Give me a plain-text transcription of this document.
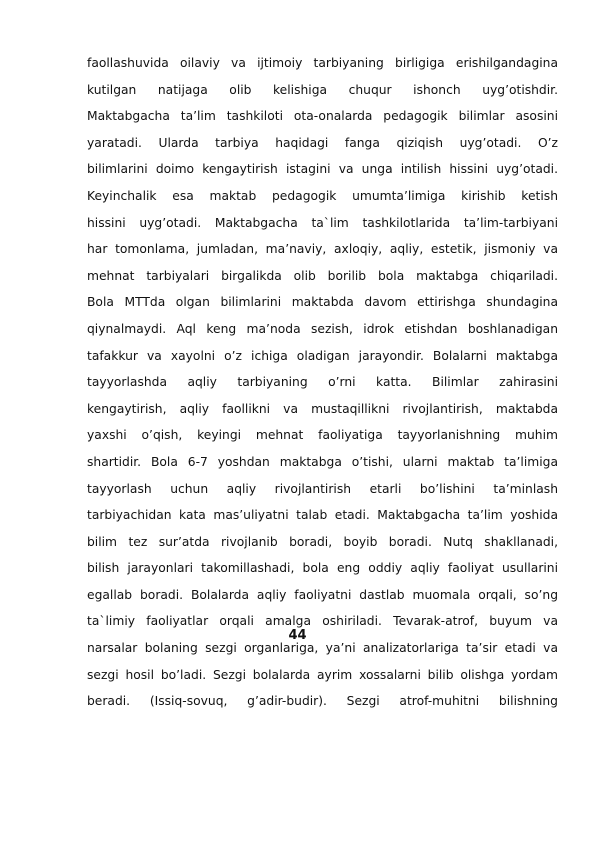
faollashuvida oilaviy va ijtimoiy tarbiyaning birligiga erishilgandagina
kutilgan natijaga olib kelishiga chuqur ishonch uyg’otishdir.
Maktabgacha ta’lim tashkiloti ota-onalarda pedagogik bilimlar asosini
yaratadi. Ularda tarbiya haqidagi fanga qiziqish uyg’otadi. O’z
bilimlarini doimo kengaytirish istagini va unga intilish hissini uyg’otadi.
Keyinchalik esa maktab pedagogik umumta’limiga kirishib ketish
hissini uyg’otadi. Maktabgacha ta`lim tashkilotlarida ta’lim-tarbiyani
har tomonlama, jumladan, ma’naviy, axloqiy, aqliy, estetik, jismoniy va
mehnat tarbiyalari birgalikda olib borilib bola maktabga chiqariladi.
Bola MTTda olgan bilimlarini maktabda davom ettirishga shundagina
qiynalmaydi. Aql keng ma’noda sezish, idrok etishdan boshlanadigan
tafakkur va xayolni o’z ichiga oladigan jarayondir. Bolalarni maktabga
tayyorlashda aqliy tarbiyaning o’rni katta. Bilimlar zahirasini
kengaytirish, aqliy faollikni va mustaqillikni rivojlantirish, maktabda
yaxshi o’qish, keyingi mehnat faoliyatiga tayyorlanishning muhim
shartidir. Bola 6-7 yoshdan maktabga o’tishi, ularni maktab ta’limiga
tayyorlash uchun aqliy rivojlantirish etarli bo’lishini ta’minlash
tarbiyachidan kata mas’uliyatni talab etadi. Maktabgacha ta’lim yoshida
bilim tez sur’atda rivojlanib boradi, boyib boradi. Nutq shakllanadi,
bilish jarayonlari takomillashadi, bola eng oddiy aqliy faoliyat usullarini
egallab boradi. Bolalarda aqliy faoliyatni dastlab muomala orqali, so’ng
ta`limiy faoliyatlar orqali amalga oshiriladi. Tevarak-atrof, buyum va
narsalar bolaning sezgi organlariga, ya’ni analizatorlariga ta’sir etadi va
sezgi hosil bo’ladi. Sezgi bolalarda ayrim xossalarni bilib olishga yordam
beradi. (Issiq-sovuq, g’adir-budir). Sezgi atrof-muhitni bilishning
44
